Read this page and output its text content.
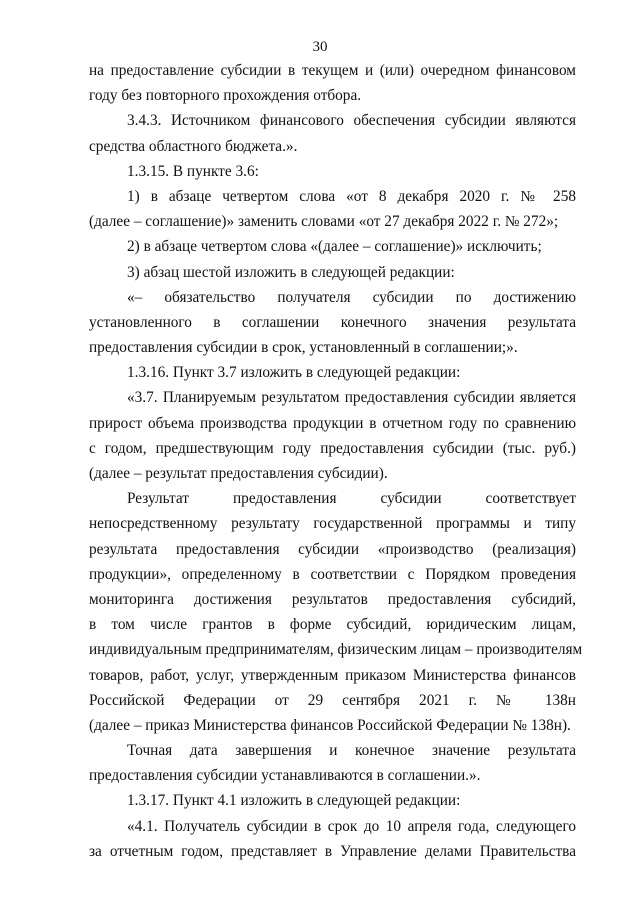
30
на предоставление субсидии в текущем и (или) очередном финансовом
году без повторного прохождения отбора.
3.4.3. Источником финансового обеспечения субсидии являются
средства областного бюджета.».
1.3.15. В пункте 3.6:
1) в абзаце четвертом слова «от 8 декабря 2020 г. № 258
(далее – соглашение)» заменить словами «от 27 декабря 2022 г. № 272»;
2) в абзаце четвертом слова «(далее – соглашение)» исключить;
3) абзац шестой изложить в следующей редакции:
«– обязательство получателя субсидии по достижению
установленного в соглашении конечного значения результата
предоставления субсидии в срок, установленный в соглашении;».
1.3.16. Пункт 3.7 изложить в следующей редакции:
«3.7. Планируемым результатом предоставления субсидии является
прирост объема производства продукции в отчетном году по сравнению
с годом, предшествующим году предоставления субсидии (тыс. руб.)
(далее – результат предоставления субсидии).
Результат предоставления субсидии соответствует
непосредственному результату государственной программы и типу
результата предоставления субсидии «производство (реализация)
продукции», определенному в соответствии с Порядком проведения
мониторинга достижения результатов предоставления субсидий,
в том числе грантов в форме субсидий, юридическим лицам,
индивидуальным предпринимателям, физическим лицам – производителям
товаров, работ, услуг, утвержденным приказом Министерства финансов
Российской Федерации от 29 сентября 2021 г. № 138н
(далее – приказ Министерства финансов Российской Федерации № 138н).
Точная дата завершения и конечное значение результата
предоставления субсидии устанавливаются в соглашении.».
1.3.17. Пункт 4.1 изложить в следующей редакции:
«4.1. Получатель субсидии в срок до 10 апреля года, следующего
за отчетным годом, представляет в Управление делами Правительства
